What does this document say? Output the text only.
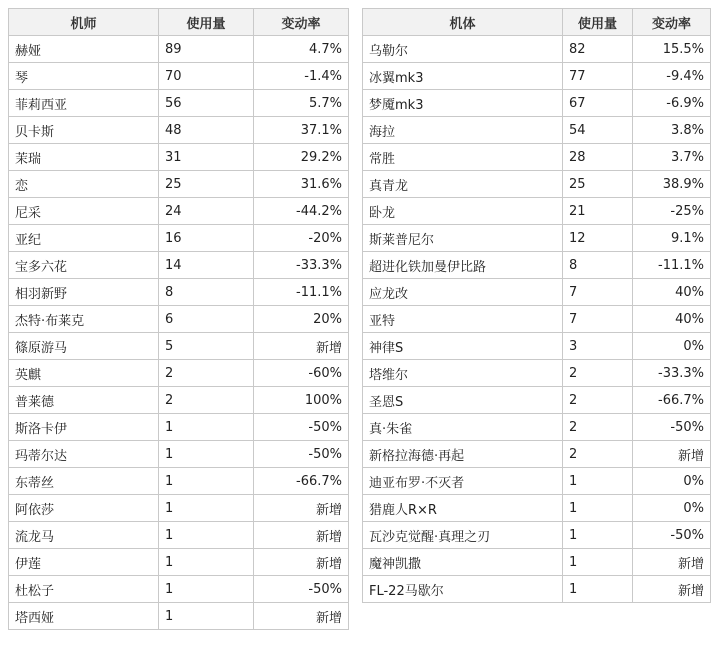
机师	使用量	变动率
赫娅	89	4.7%
琴	70	-1.4%
菲莉西亚	56	5.7%
贝卡斯	48	37.1%
茉瑞	31	29.2%
恋	25	31.6%
尼采	24	-44.2%
亚纪	16	-20%
宝多六花	14	-33.3%
相羽新野	8	-11.1%
杰特·布莱克	6	20%
篠原游马	5	新增
英麒	2	-60%
普莱德	2	100%
斯洛卡伊	1	-50%
玛蒂尔达	1	-50%
东蒂丝	1	-66.7%
阿依莎	1	新增
流龙马	1	新增
伊莲	1	新增
杜松子	1	-50%
塔西娅	1	新增
机体	使用量	变动率
乌勒尔	82	15.5%
冰翼mk3	77	-9.4%
梦魇mk3	67	-6.9%
海拉	54	3.8%
常胜	28	3.7%
真青龙	25	38.9%
卧龙	21	-25%
斯莱普尼尔	12	9.1%
超进化铁加曼伊比路	8	-11.1%
应龙改	7	40%
亚特	7	40%
神律S	3	0%
塔维尔	2	-33.3%
圣恩S	2	-66.7%
真·朱雀	2	-50%
新格拉海德·再起	2	新增
迪亚布罗·不灭者	1	0%
猎鹿人R×R	1	0%
瓦沙克觉醒·真理之刃	1	-50%
魔神凯撒	1	新增
FL-22马歇尔	1	新增
